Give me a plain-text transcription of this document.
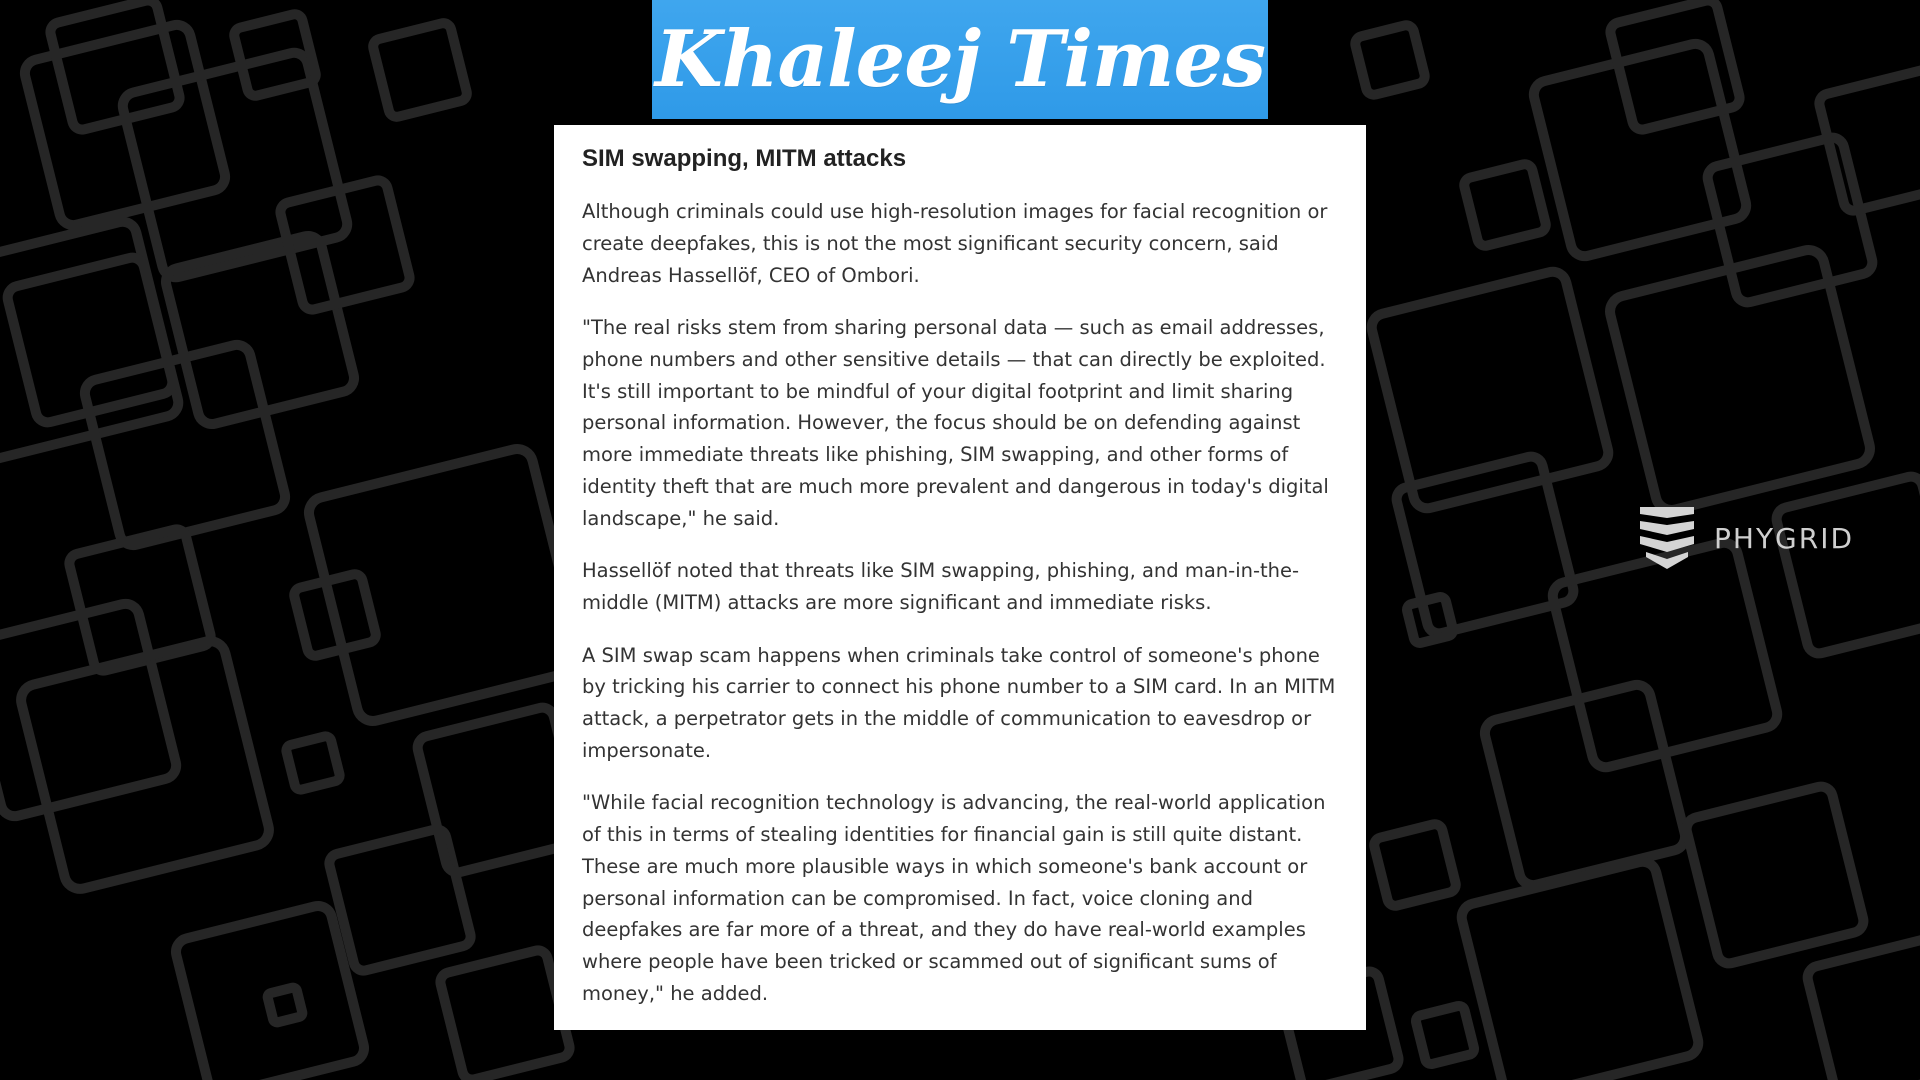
Khaleej Times
SIM swapping, MITM attacks

Although criminals could use high-resolution images for facial recognition or create deepfakes, this is not the most significant security concern, said Andreas Hassellöf, CEO of Ombori.

"The real risks stem from sharing personal data — such as email addresses, phone numbers and other sensitive details — that can directly be exploited. It's still important to be mindful of your digital footprint and limit sharing personal information. However, the focus should be on defending against more immediate threats like phishing, SIM swapping, and other forms of identity theft that are much more prevalent and dangerous in today's digital landscape," he said.

Hassellöf noted that threats like SIM swapping, phishing, and man-in-the-middle (MITM) attacks are more significant and immediate risks.

A SIM swap scam happens when criminals take control of someone's phone by tricking his carrier to connect his phone number to a SIM card. In an MITM attack, a perpetrator gets in the middle of communication to eavesdrop or impersonate.

"While facial recognition technology is advancing, the real-world application of this in terms of stealing identities for financial gain is still quite distant. These are much more plausible ways in which someone's bank account or personal information can be compromised. In fact, voice cloning and deepfakes are far more of a threat, and they do have real-world examples where people have been tricked or scammed out of significant sums of money," he added.

PHYGRID
